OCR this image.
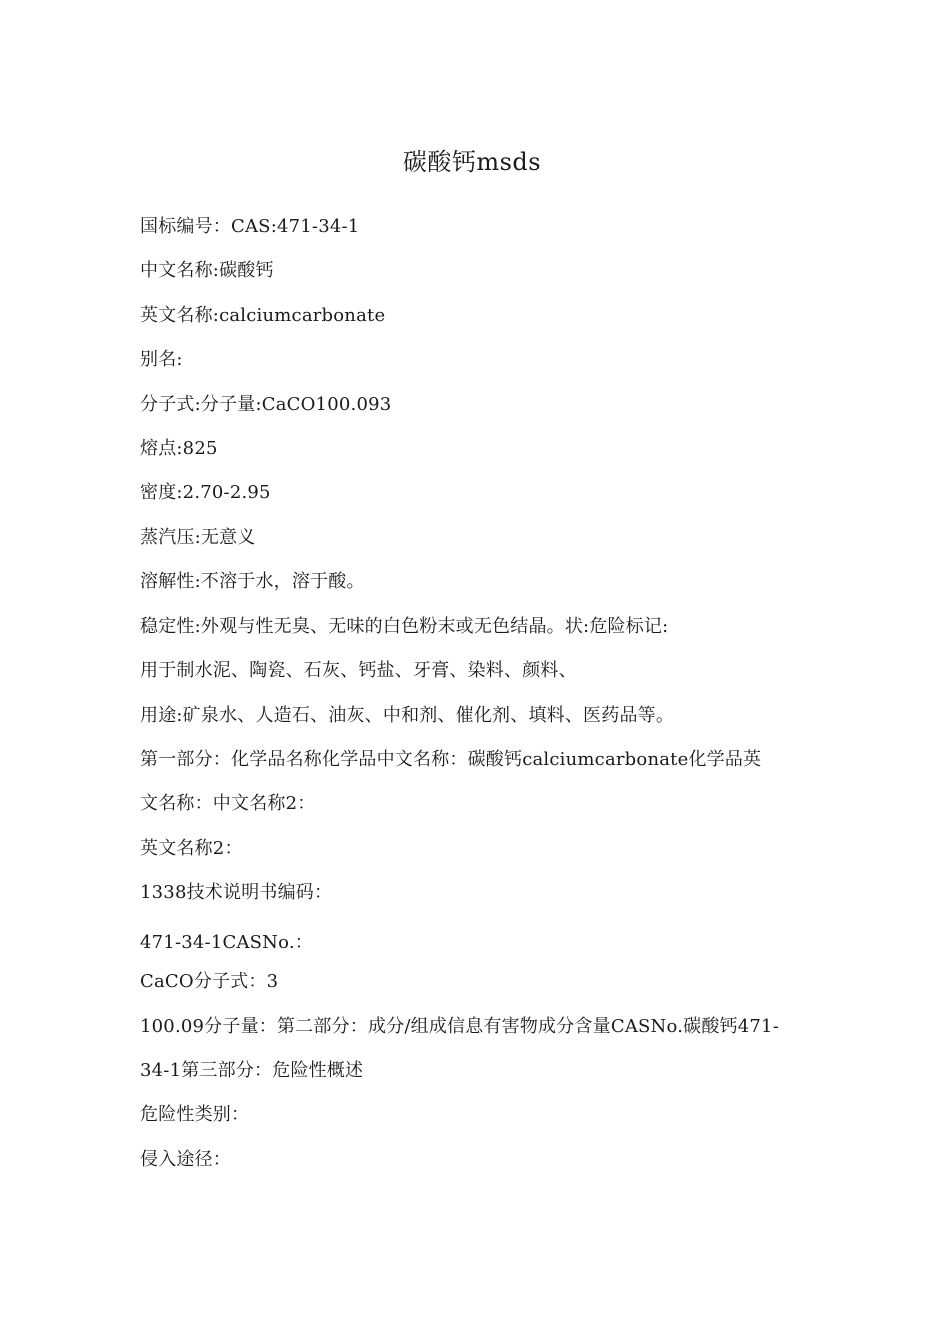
碳酸钙msds
国标编号：CAS:471-34-1
中文名称:碳酸钙
英文名称:calciumcarbonate
别名:
分子式:分子量:CaCO100.093
熔点:825
密度:2.70-2.95
蒸汽压:无意义
溶解性:不溶于水，溶于酸。
稳定性:外观与性无臭、无味的白色粉末或无色结晶。状:危险标记:
用于制水泥、陶瓷、石灰、钙盐、牙膏、染料、颜料、
用途:矿泉水、人造石、油灰、中和剂、催化剂、填料、医药品等。
第一部分：化学品名称化学品中文名称：碳酸钙calciumcarbonate化学品英
文名称：中文名称2：
英文名称2：
1338技术说明书编码：
471-34-1CASNo.：
CaCO分子式：3
100.09分子量：第二部分：成分/组成信息有害物成分含量CASNo.碳酸钙471-
34-1第三部分：危险性概述
危险性类别：
侵入途径：
